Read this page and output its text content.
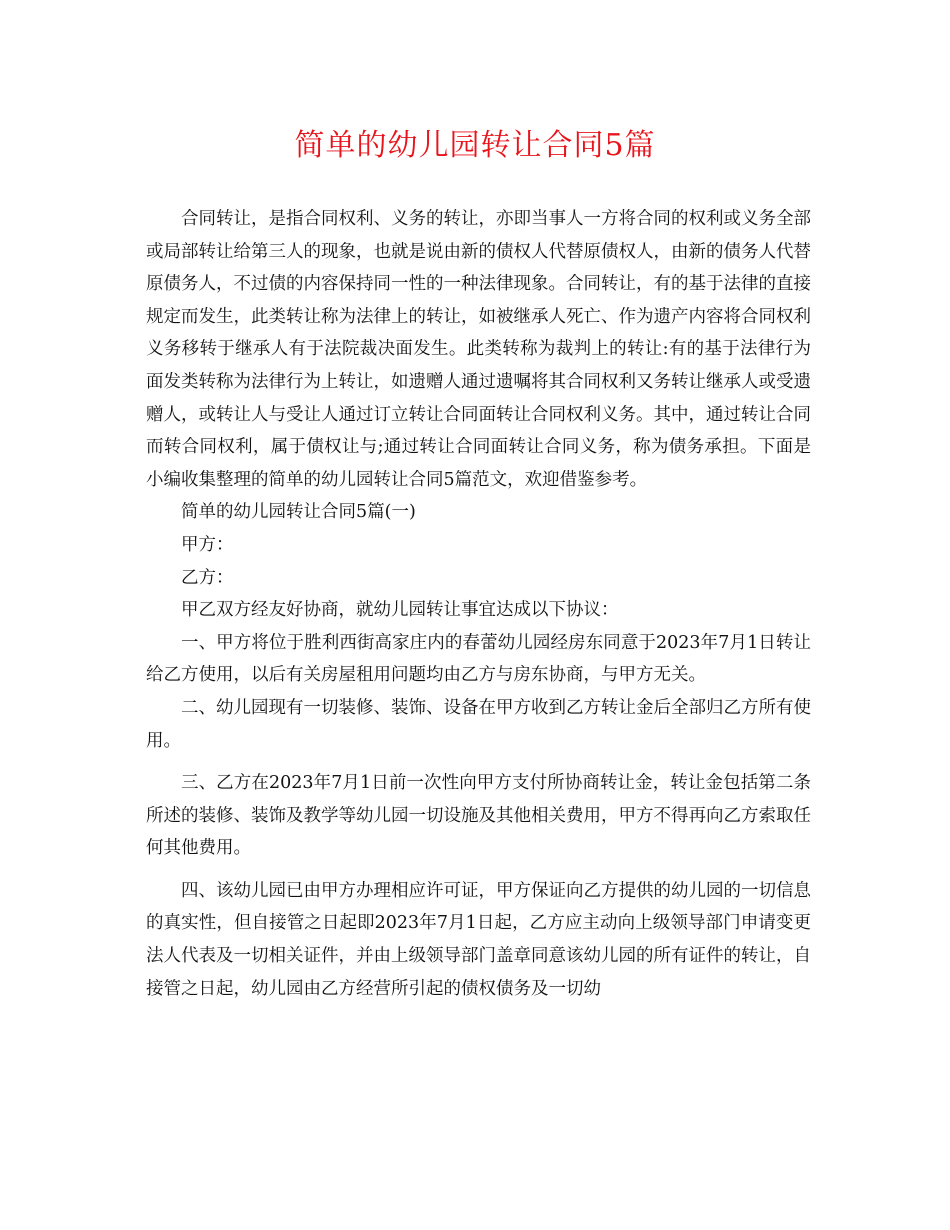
简单的幼儿园转让合同5篇

合同转让，是指合同权利、义务的转让，亦即当事人一方将合同的权利或义务全部或局部转让给第三人的现象，也就是说由新的债权人代替原债权人，由新的债务人代替原债务人，不过债的内容保持同一性的一种法律现象。合同转让，有的基于法律的直接规定而发生，此类转让称为法律上的转让，如被继承人死亡、作为遗产内容将合同权利义务移转于继承人有于法院裁决面发生。此类转称为裁判上的转让:有的基于法律行为面发类转称为法律行为上转让，如遗赠人通过遗嘱将其合同权利又务转让继承人或受遗赠人，或转让人与受让人通过订立转让合同面转让合同权利义务。其中，通过转让合同而转合同权利，属于债权让与;通过转让合同面转让合同义务，称为债务承担。下面是小编收集整理的简单的幼儿园转让合同5篇范文，欢迎借鉴参考。

简单的幼儿园转让合同5篇(一)

甲方：

乙方：

甲乙双方经友好协商，就幼儿园转让事宜达成以下协议：

一、甲方将位于胜利西街高家庄内的春蕾幼儿园经房东同意于2023年7月1日转让给乙方使用，以后有关房屋租用问题均由乙方与房东协商，与甲方无关。

二、幼儿园现有一切装修、装饰、设备在甲方收到乙方转让金后全部归乙方所有使用。

三、乙方在2023年7月1日前一次性向甲方支付所协商转让金，转让金包括第二条所述的装修、装饰及教学等幼儿园一切设施及其他相关费用，甲方不得再向乙方索取任何其他费用。

四、该幼儿园已由甲方办理相应许可证，甲方保证向乙方提供的幼儿园的一切信息的真实性，但自接管之日起即2023年7月1日起，乙方应主动向上级领导部门申请变更法人代表及一切相关证件，并由上级领导部门盖章同意该幼儿园的所有证件的转让，自接管之日起，幼儿园由乙方经营所引起的债权债务及一切幼
